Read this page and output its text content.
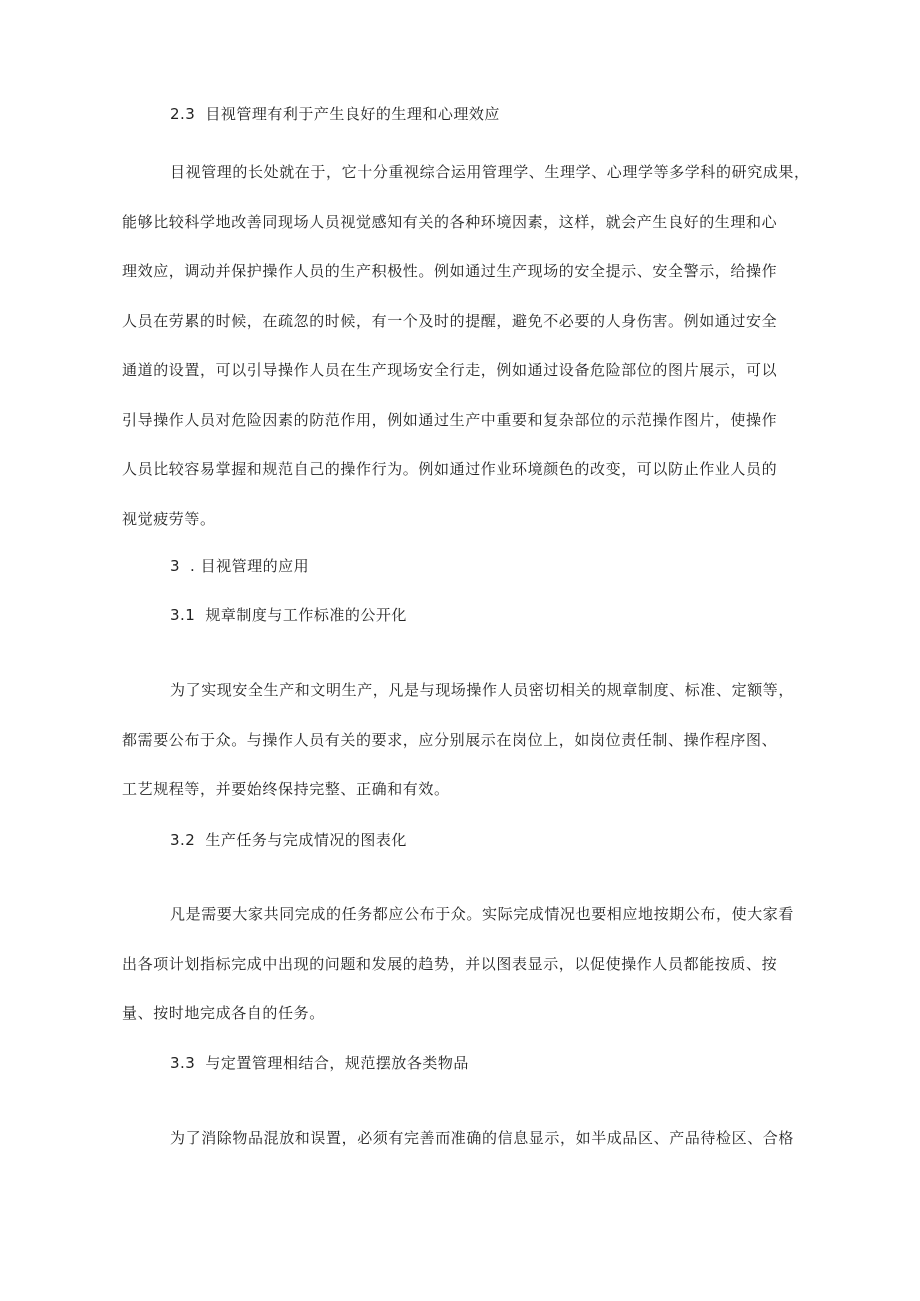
2.3 目视管理有利于产生良好的生理和心理效应
目视管理的长处就在于，它十分重视综合运用管理学、生理学、心理学等多学科的研究成果，
能够比较科学地改善同现场人员视觉感知有关的各种环境因素，这样，就会产生良好的生理和心
理效应，调动并保护操作人员的生产积极性。例如通过生产现场的安全提示、安全警示，给操作
人员在劳累的时候，在疏忽的时候，有一个及时的提醒，避免不必要的人身伤害。例如通过安全
通道的设置，可以引导操作人员在生产现场安全行走，例如通过设备危险部位的图片展示，可以
引导操作人员对危险因素的防范作用，例如通过生产中重要和复杂部位的示范操作图片，使操作
人员比较容易掌握和规范自己的操作行为。例如通过作业环境颜色的改变，可以防止作业人员的
视觉疲劳等。
3 . 目视管理的应用
3.1 规章制度与工作标准的公开化
为了实现安全生产和文明生产，凡是与现场操作人员密切相关的规章制度、标准、定额等，
都需要公布于众。与操作人员有关的要求，应分别展示在岗位上，如岗位责任制、操作程序图、
工艺规程等，并要始终保持完整、正确和有效。
3.2 生产任务与完成情况的图表化
凡是需要大家共同完成的任务都应公布于众。实际完成情况也要相应地按期公布，使大家看
出各项计划指标完成中出现的问题和发展的趋势，并以图表显示，以促使操作人员都能按质、按
量、按时地完成各自的任务。
3.3 与定置管理相结合，规范摆放各类物品
为了消除物品混放和误置，必须有完善而准确的信息显示，如半成品区、产品待检区、合格
